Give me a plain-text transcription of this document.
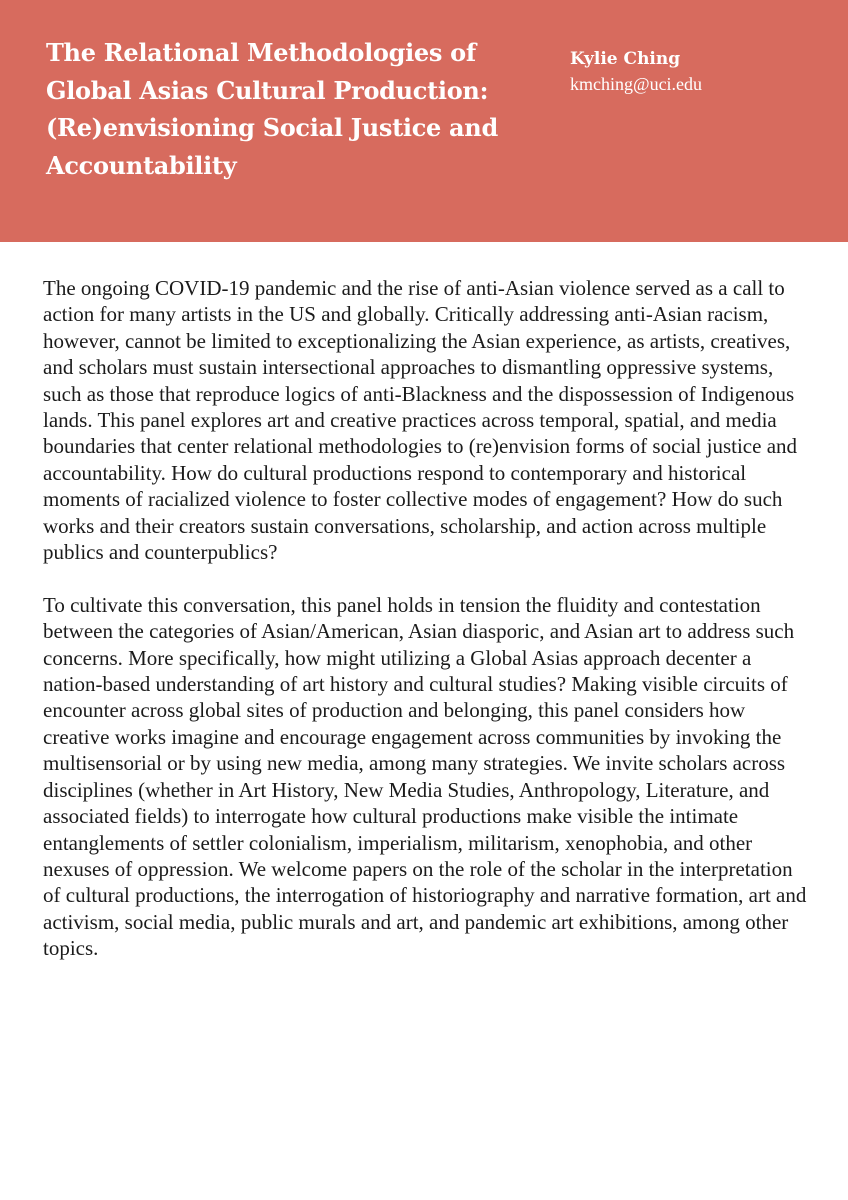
The Relational Methodologies of Global Asias Cultural Production: (Re)envisioning Social Justice and Accountability
Kylie Ching
kmching@uci.edu

The ongoing COVID-19 pandemic and the rise of anti-Asian violence served as a call to action for many artists in the US and globally. Critically addressing anti-Asian racism, however, cannot be limited to exceptionalizing the Asian experience, as artists, creatives, and scholars must sustain intersectional approaches to dismantling oppressive systems, such as those that reproduce logics of anti-Blackness and the dispossession of Indigenous lands. This panel explores art and creative practices across temporal, spatial, and media boundaries that center relational methodologies to (re)envision forms of social justice and accountability. How do cultural productions respond to contemporary and historical moments of racialized violence to foster collective modes of engagement? How do such works and their creators sustain conversations, scholarship, and action across multiple publics and counterpublics?

To cultivate this conversation, this panel holds in tension the fluidity and contestation between the categories of Asian/American, Asian diasporic, and Asian art to address such concerns. More specifically, how might utilizing a Global Asias approach decenter a nation-based understanding of art history and cultural studies? Making visible circuits of encounter across global sites of production and belonging, this panel considers how creative works imagine and encourage engagement across communities by invoking the multisensorial or by using new media, among many strategies. We invite scholars across disciplines (whether in Art History, New Media Studies, Anthropology, Literature, and associated fields) to interrogate how cultural productions make visible the intimate entanglements of settler colonialism, imperialism, militarism, xenophobia, and other nexuses of oppression. We welcome papers on the role of the scholar in the interpretation of cultural productions, the interrogation of historiography and narrative formation, art and activism, social media, public murals and art, and pandemic art exhibitions, among other topics.
